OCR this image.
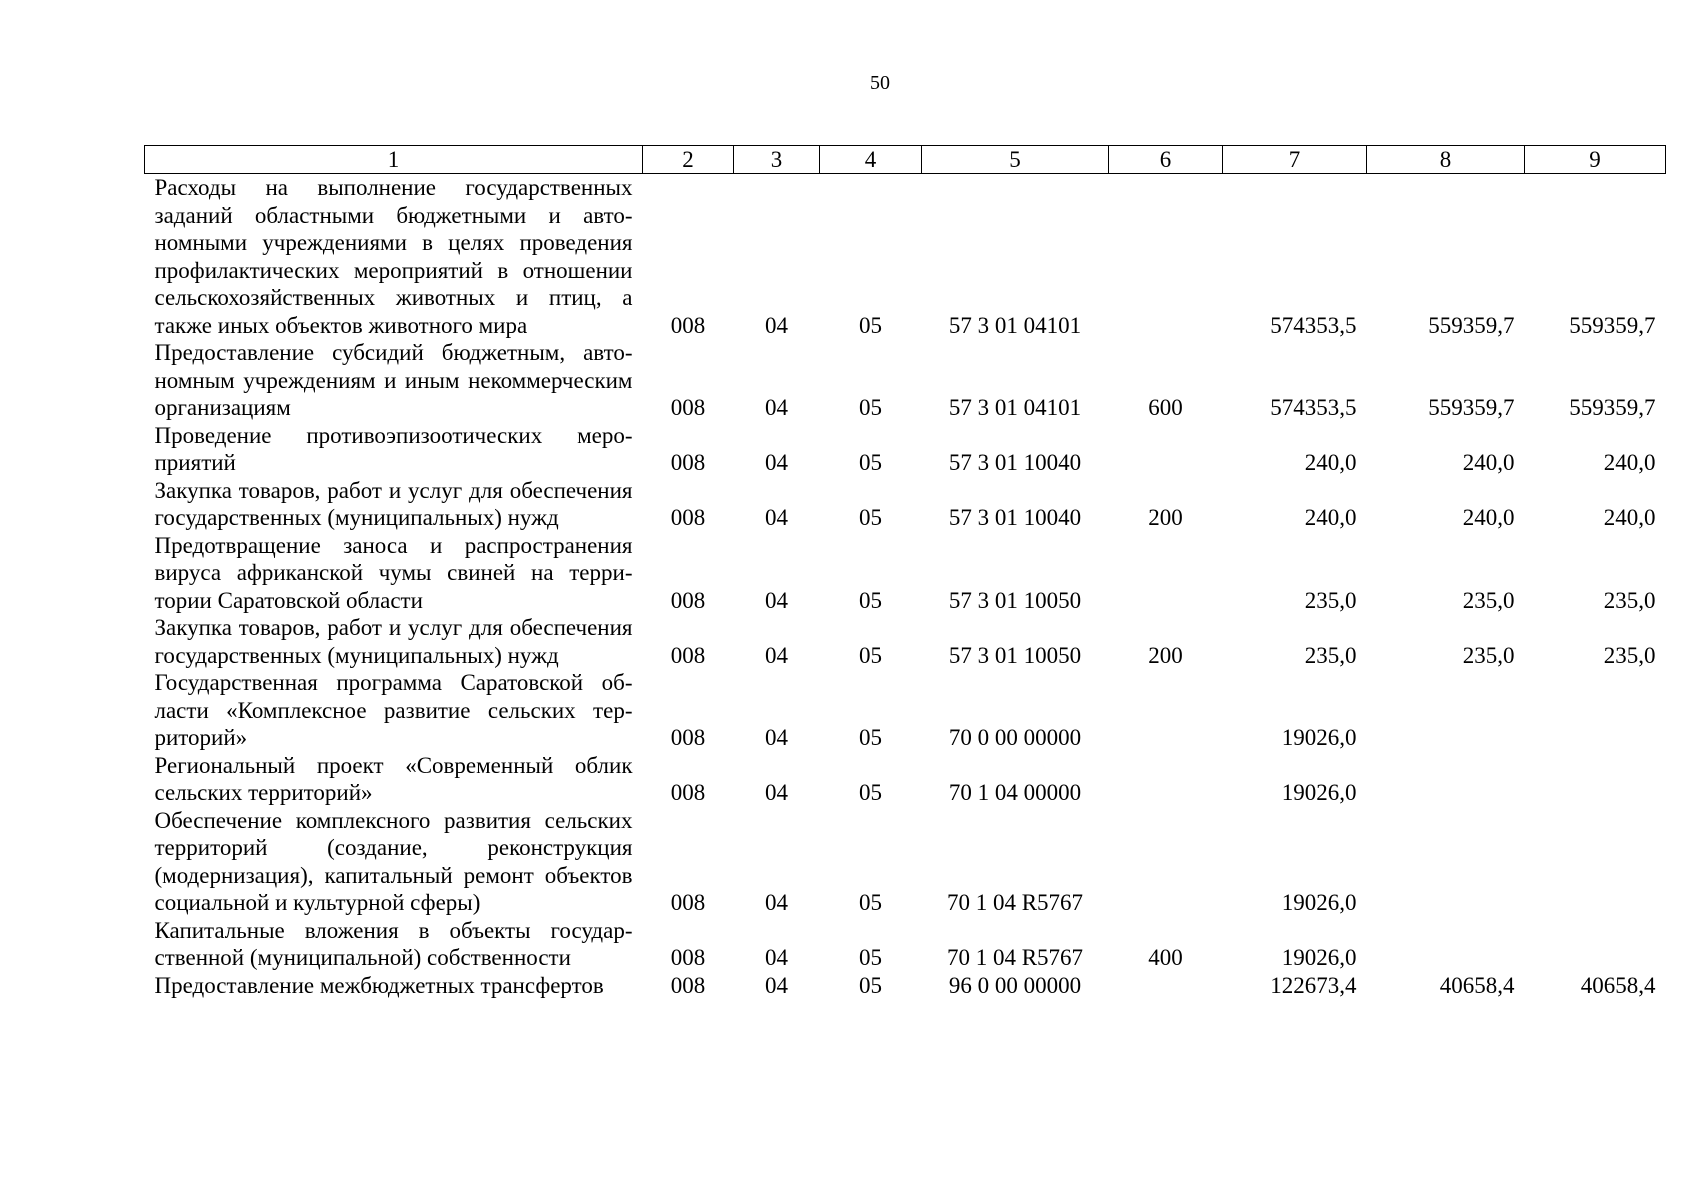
50
1	2	3	4	5	6	7	8	9
Расходы на выполнение государственных заданий областными бюджетными и автономными учреждениями в целях проведения профилактических мероприятий в отношении сельскохозяйственных животных и птиц, а также иных объектов животного мира	008	04	05	57 3 01 04101		574353,5	559359,7	559359,7
Предоставление субсидий бюджетным, автономным учреждениям и иным некоммерческим организациям	008	04	05	57 3 01 04101	600	574353,5	559359,7	559359,7
Проведение противоэпизоотических мероприятий	008	04	05	57 3 01 10040		240,0	240,0	240,0
Закупка товаров, работ и услуг для обеспечения государственных (муниципальных) нужд	008	04	05	57 3 01 10040	200	240,0	240,0	240,0
Предотвращение заноса и распространения вируса африканской чумы свиней на территории Саратовской области	008	04	05	57 3 01 10050		235,0	235,0	235,0
Закупка товаров, работ и услуг для обеспечения государственных (муниципальных) нужд	008	04	05	57 3 01 10050	200	235,0	235,0	235,0
Государственная программа Саратовской области «Комплексное развитие сельских территорий»	008	04	05	70 0 00 00000		19026,0		
Региональный проект «Современный облик сельских территорий»	008	04	05	70 1 04 00000		19026,0		
Обеспечение комплексного развития сельских территорий (создание, реконструкция (модернизация), капитальный ремонт объектов социальной и культурной сферы)	008	04	05	70 1 04 R5767		19026,0		
Капитальные вложения в объекты государственной (муниципальной) собственности	008	04	05	70 1 04 R5767	400	19026,0		
Предоставление межбюджетных трансфертов	008	04	05	96 0 00 00000		122673,4	40658,4	40658,4
